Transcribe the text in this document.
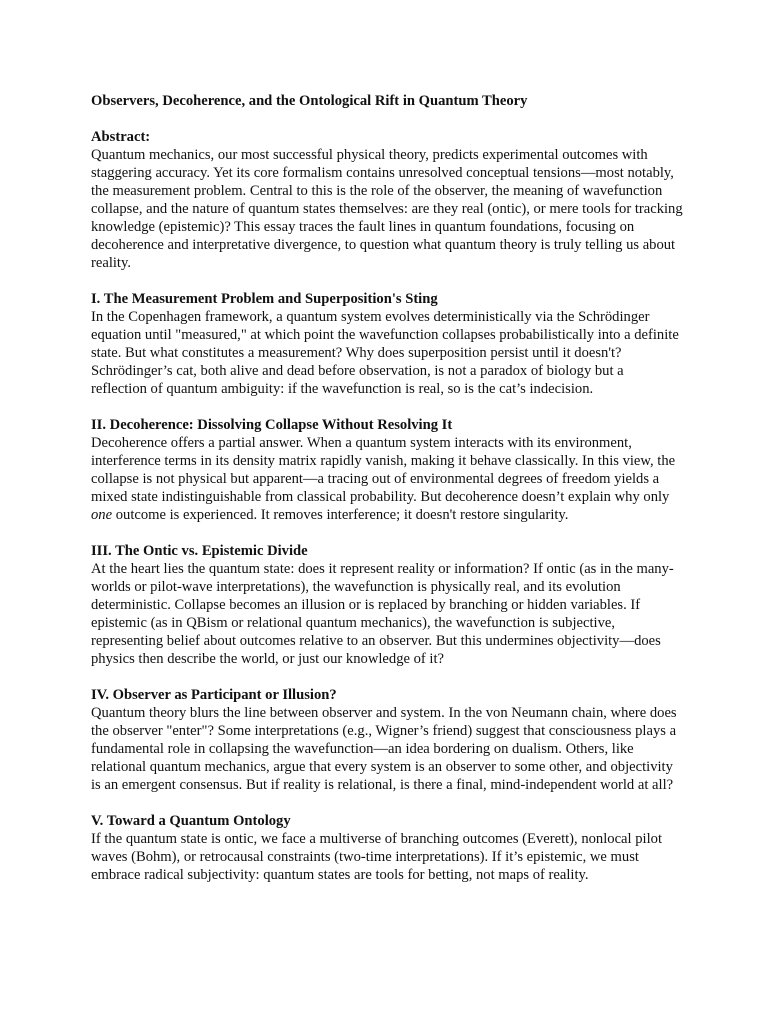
Observers, Decoherence, and the Ontological Rift in Quantum Theory
Abstract:
Quantum mechanics, our most successful physical theory, predicts experimental outcomes with staggering accuracy. Yet its core formalism contains unresolved conceptual tensions—most notably, the measurement problem. Central to this is the role of the observer, the meaning of wavefunction collapse, and the nature of quantum states themselves: are they real (ontic), or mere tools for tracking knowledge (epistemic)? This essay traces the fault lines in quantum foundations, focusing on decoherence and interpretative divergence, to question what quantum theory is truly telling us about reality.
I. The Measurement Problem and Superposition's Sting
In the Copenhagen framework, a quantum system evolves deterministically via the Schrödinger equation until "measured," at which point the wavefunction collapses probabilistically into a definite state. But what constitutes a measurement? Why does superposition persist until it doesn't? Schrödinger’s cat, both alive and dead before observation, is not a paradox of biology but a reflection of quantum ambiguity: if the wavefunction is real, so is the cat’s indecision.
II. Decoherence: Dissolving Collapse Without Resolving It
Decoherence offers a partial answer. When a quantum system interacts with its environment, interference terms in its density matrix rapidly vanish, making it behave classically. In this view, the collapse is not physical but apparent—a tracing out of environmental degrees of freedom yields a mixed state indistinguishable from classical probability. But decoherence doesn’t explain why only one outcome is experienced. It removes interference; it doesn't restore singularity.
III. The Ontic vs. Epistemic Divide
At the heart lies the quantum state: does it represent reality or information? If ontic (as in the many-worlds or pilot-wave interpretations), the wavefunction is physically real, and its evolution deterministic. Collapse becomes an illusion or is replaced by branching or hidden variables. If epistemic (as in QBism or relational quantum mechanics), the wavefunction is subjective, representing belief about outcomes relative to an observer. But this undermines objectivity—does physics then describe the world, or just our knowledge of it?
IV. Observer as Participant or Illusion?
Quantum theory blurs the line between observer and system. In the von Neumann chain, where does the observer "enter"? Some interpretations (e.g., Wigner’s friend) suggest that consciousness plays a fundamental role in collapsing the wavefunction—an idea bordering on dualism. Others, like relational quantum mechanics, argue that every system is an observer to some other, and objectivity is an emergent consensus. But if reality is relational, is there a final, mind-independent world at all?
V. Toward a Quantum Ontology
If the quantum state is ontic, we face a multiverse of branching outcomes (Everett), nonlocal pilot waves (Bohm), or retrocausal constraints (two-time interpretations). If it’s epistemic, we must embrace radical subjectivity: quantum states are tools for betting, not maps of reality.
